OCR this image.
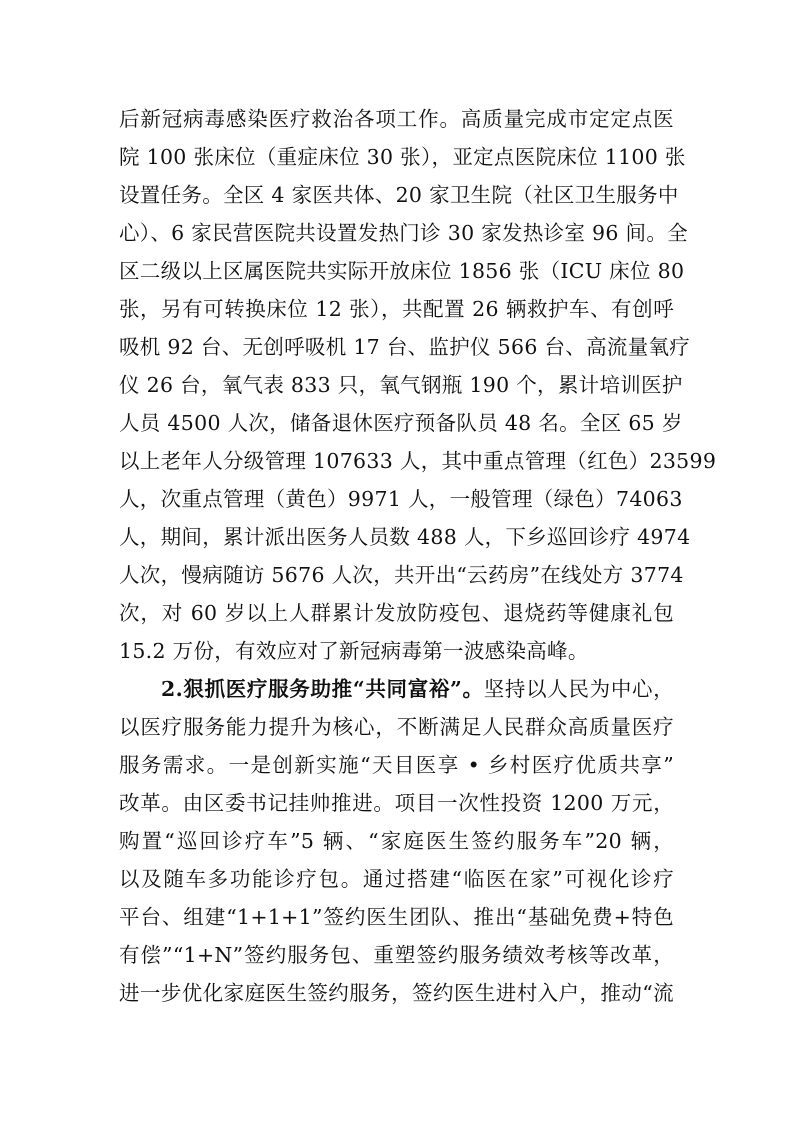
后新冠病毒感染医疗救治各项工作。高质量完成市定定点医
院 100 张床位（重症床位 30 张），亚定点医院床位 1100 张
设置任务。全区 4 家医共体、20 家卫生院（社区卫生服务中
心）、6 家民营医院共设置发热门诊 30 家发热诊室 96 间。全
区二级以上区属医院共实际开放床位 1856 张（ICU 床位 80
张，另有可转换床位 12 张），共配置 26 辆救护车、有创呼
吸机 92 台、无创呼吸机 17 台、监护仪 566 台、高流量氧疗
仪 26 台，氧气表 833 只，氧气钢瓶 190 个，累计培训医护
人员 4500 人次，储备退休医疗预备队员 48 名。全区 65 岁
以上老年人分级管理 107633 人，其中重点管理（红色）23599
人，次重点管理（黄色）9971 人，一般管理（绿色）74063
人，期间，累计派出医务人员数 488 人，下乡巡回诊疗 4974
人次，慢病随访 5676 人次，共开出“云药房”在线处方 3774
次，对 60 岁以上人群累计发放防疫包、退烧药等健康礼包
15.2 万份，有效应对了新冠病毒第一波感染高峰。
2.狠抓医疗服务助推“共同富裕”。坚持以人民为中心，
以医疗服务能力提升为核心，不断满足人民群众高质量医疗
服务需求。一是创新实施“天目医享 • 乡村医疗优质共享”
改革。由区委书记挂帅推进。项目一次性投资 1200 万元，
购置“巡回诊疗车”5 辆、“家庭医生签约服务车”20 辆，
以及随车多功能诊疗包。通过搭建“临医在家”可视化诊疗
平台、组建“1+1+1”签约医生团队、推出“基础免费+特色
有偿”“1+N”签约服务包、重塑签约服务绩效考核等改革，
进一步优化家庭医生签约服务，签约医生进村入户，推动“流
